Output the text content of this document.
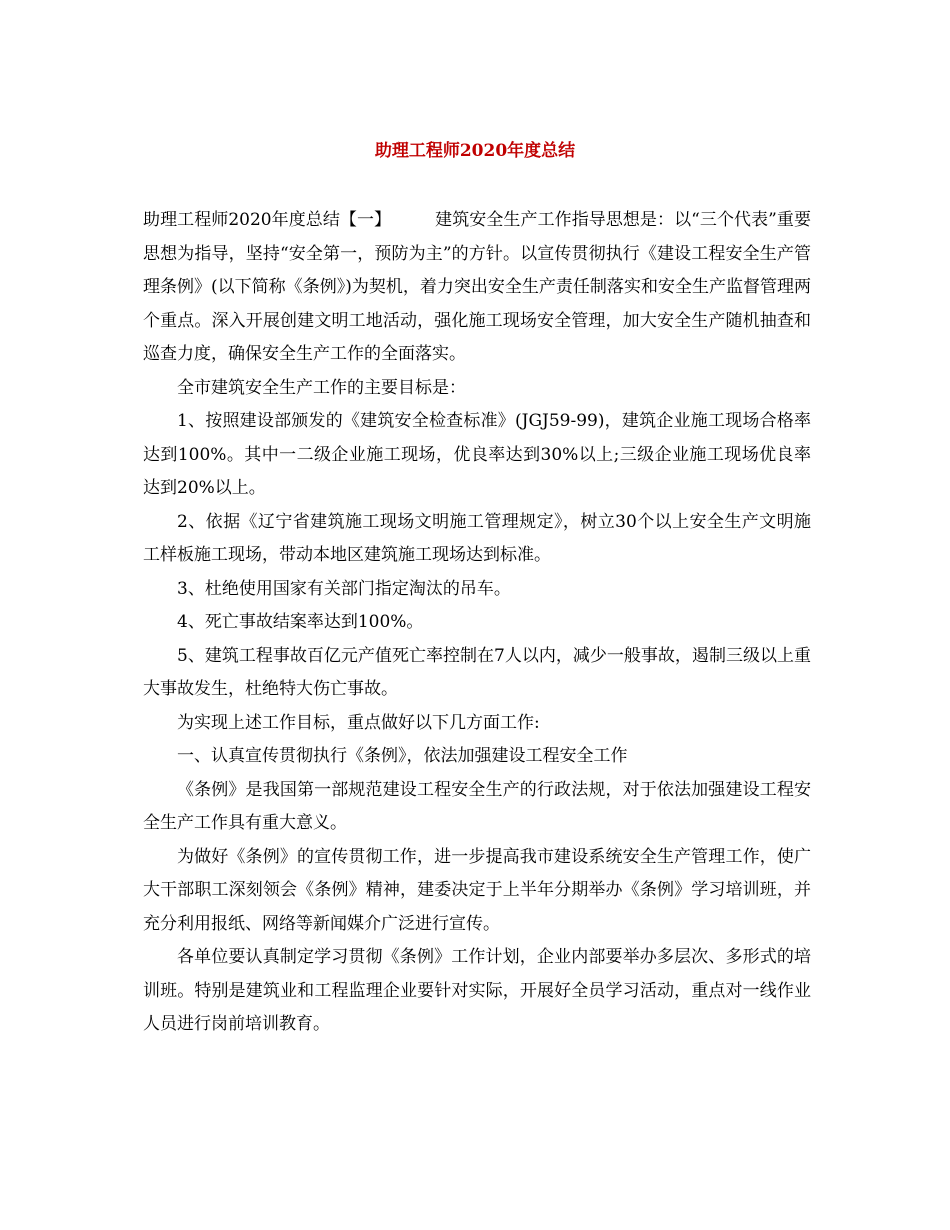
助理工程师2020年度总结

助理工程师2020年度总结【一】	建筑安全生产工作指导思想是：以“三个代表”重要思想为指导，坚持“安全第一，预防为主”的方针。以宣传贯彻执行《建设工程安全生产管理条例》(以下简称《条例》)为契机，着力突出安全生产责任制落实和安全生产监督管理两个重点。深入开展创建文明工地活动，强化施工现场安全管理，加大安全生产随机抽查和巡查力度，确保安全生产工作的全面落实。

全市建筑安全生产工作的主要目标是：

1、按照建设部颁发的《建筑安全检查标准》(JGJ59-99)，建筑企业施工现场合格率达到100%。其中一二级企业施工现场，优良率达到30%以上;三级企业施工现场优良率达到20%以上。

2、依据《辽宁省建筑施工现场文明施工管理规定》，树立30个以上安全生产文明施工样板施工现场，带动本地区建筑施工现场达到标准。

3、杜绝使用国家有关部门指定淘汰的吊车。

4、死亡事故结案率达到100%。

5、建筑工程事故百亿元产值死亡率控制在7人以内，减少一般事故，遏制三级以上重大事故发生，杜绝特大伤亡事故。

为实现上述工作目标，重点做好以下几方面工作:

一、认真宣传贯彻执行《条例》，依法加强建设工程安全工作

《条例》是我国第一部规范建设工程安全生产的行政法规，对于依法加强建设工程安全生产工作具有重大意义。

为做好《条例》的宣传贯彻工作，进一步提高我市建设系统安全生产管理工作，使广大干部职工深刻领会《条例》精神，建委决定于上半年分期举办《条例》学习培训班，并充分利用报纸、网络等新闻媒介广泛进行宣传。

各单位要认真制定学习贯彻《条例》工作计划，企业内部要举办多层次、多形式的培训班。特别是建筑业和工程监理企业要针对实际，开展好全员学习活动，重点对一线作业人员进行岗前培训教育。
